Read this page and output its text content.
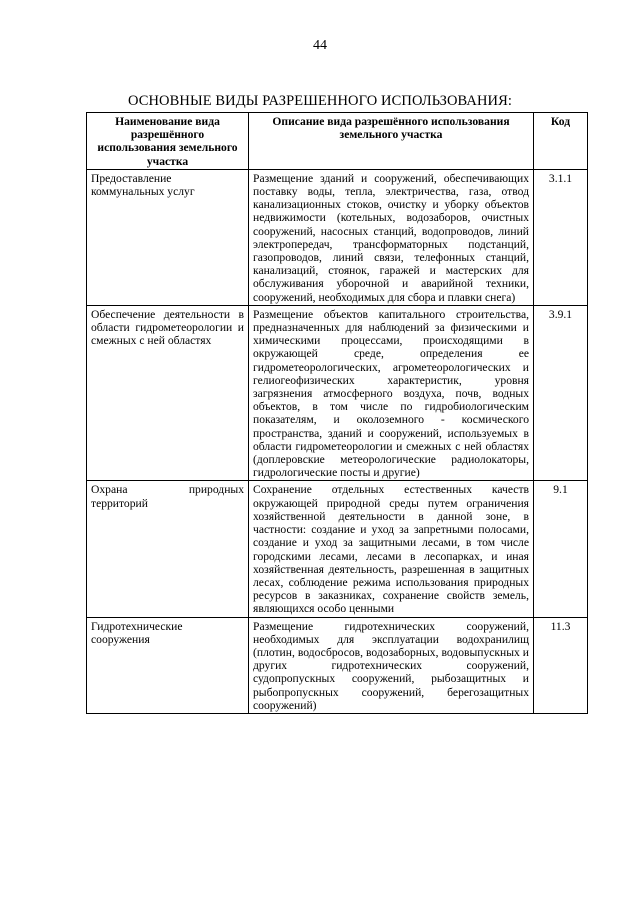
44
ОСНОВНЫЕ ВИДЫ РАЗРЕШЕННОГО ИСПОЛЬЗОВАНИЯ:
Наименование вида разрешённого использования земельного участка	Описание вида разрешённого использования земельного участка	Код
Предоставление коммунальных услуг	Размещение зданий и сооружений, обеспечивающих поставку воды, тепла, электричества, газа, отвод канализационных стоков, очистку и уборку объектов недвижимости (котельных, водозаборов, очистных сооружений, насосных станций, водопроводов, линий электропередач, трансформаторных подстанций, газопроводов, линий связи, телефонных станций, канализаций, стоянок, гаражей и мастерских для обслуживания уборочной и аварийной техники, сооружений, необходимых для сбора и плавки снега)	3.1.1
Обеспечение деятельности в области гидрометеорологии и смежных с ней областях	Размещение объектов капитального строительства, предназначенных для наблюдений за физическими и химическими процессами, происходящими в окружающей среде, определения ее гидрометеорологических, агрометеорологических и гелиогеофизических характеристик, уровня загрязнения атмосферного воздуха, почв, водных объектов, в том числе по гидробиологическим показателям, и околоземного - космического пространства, зданий и сооружений, используемых в области гидрометеорологии и смежных с ней областях (доплеровские метеорологические радиолокаторы, гидрологические посты и другие)	3.9.1
Охрана природных территорий	Сохранение отдельных естественных качеств окружающей природной среды путем ограничения хозяйственной деятельности в данной зоне, в частности: создание и уход за запретными полосами, создание и уход за защитными лесами, в том числе городскими лесами, лесами в лесопарках, и иная хозяйственная деятельность, разрешенная в защитных лесах, соблюдение режима использования природных ресурсов в заказниках, сохранение свойств земель, являющихся особо ценными	9.1
Гидротехнические сооружения	Размещение гидротехнических сооружений, необходимых для эксплуатации водохранилищ (плотин, водосбросов, водозаборных, водовыпускных и других гидротехнических сооружений, судопропускных сооружений, рыбозащитных и рыбопропускных сооружений, берегозащитных сооружений)	11.3
